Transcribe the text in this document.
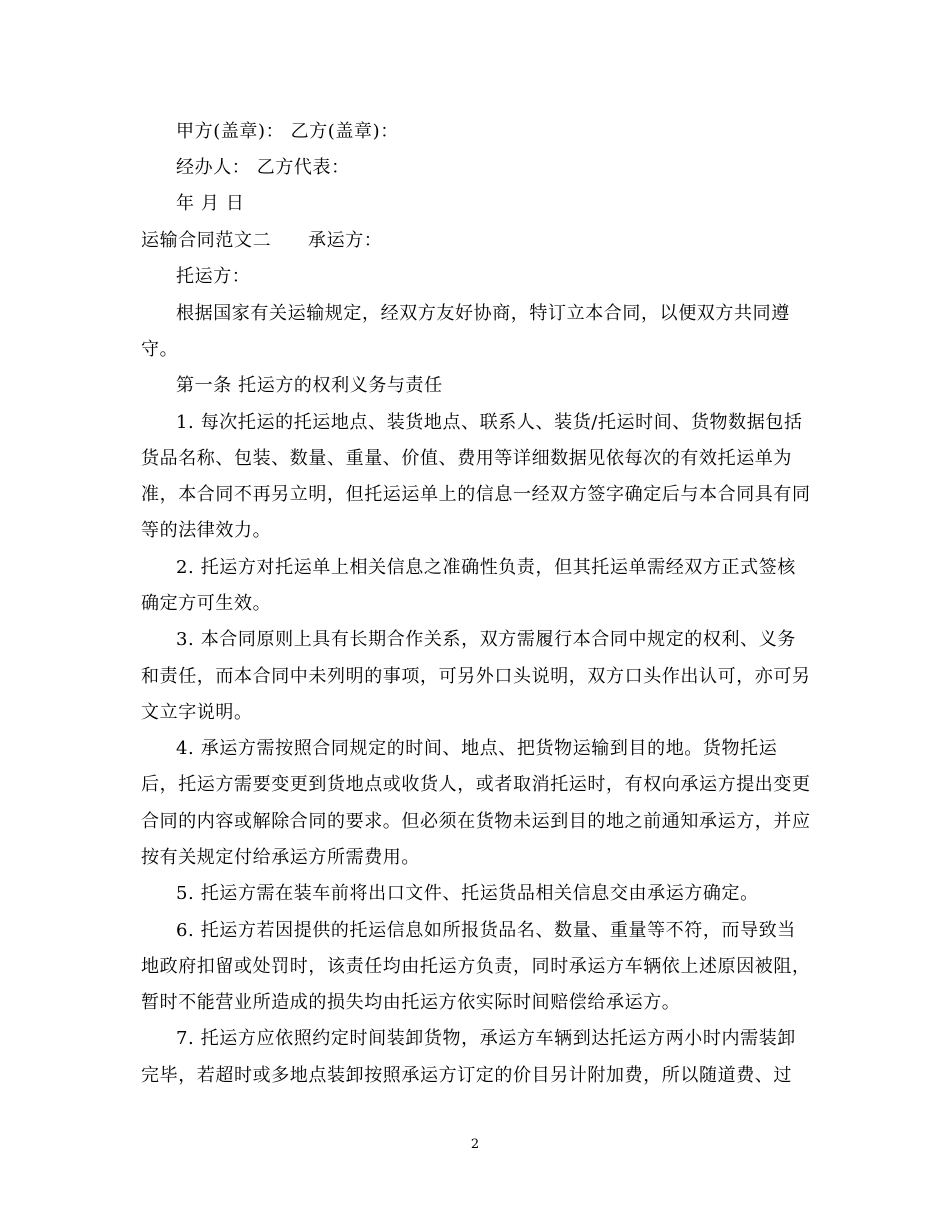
甲方(盖章)： 乙方(盖章)：
经办人： 乙方代表：
年 月 日
运输合同范文二 承运方：
托运方：
根据国家有关运输规定，经双方友好协商，特订立本合同，以便双方共同遵
守。
第一条 托运方的权利义务与责任
1. 每次托运的托运地点、装货地点、联系人、装货/托运时间、货物数据包括
货品名称、包装、数量、重量、价值、费用等详细数据见依每次的有效托运单为
准，本合同不再另立明，但托运运单上的信息一经双方签字确定后与本合同具有同
等的法律效力。
2. 托运方对托运单上相关信息之准确性负责，但其托运单需经双方正式签核
确定方可生效。
3. 本合同原则上具有长期合作关系，双方需履行本合同中规定的权利、义务
和责任，而本合同中未列明的事项，可另外口头说明，双方口头作出认可，亦可另
文立字说明。
4. 承运方需按照合同规定的时间、地点、把货物运输到目的地。货物托运
后，托运方需要变更到货地点或收货人，或者取消托运时，有权向承运方提出变更
合同的内容或解除合同的要求。但必须在货物未运到目的地之前通知承运方，并应
按有关规定付给承运方所需费用。
5. 托运方需在装车前将出口文件、托运货品相关信息交由承运方确定。
6. 托运方若因提供的托运信息如所报货品名、数量、重量等不符，而导致当
地政府扣留或处罚时，该责任均由托运方负责，同时承运方车辆依上述原因被阻，
暂时不能营业所造成的损失均由托运方依实际时间赔偿给承运方。
7. 托运方应依照约定时间装卸货物，承运方车辆到达托运方两小时内需装卸
完毕，若超时或多地点装卸按照承运方订定的价目另计附加费，所以随道费、过
2
